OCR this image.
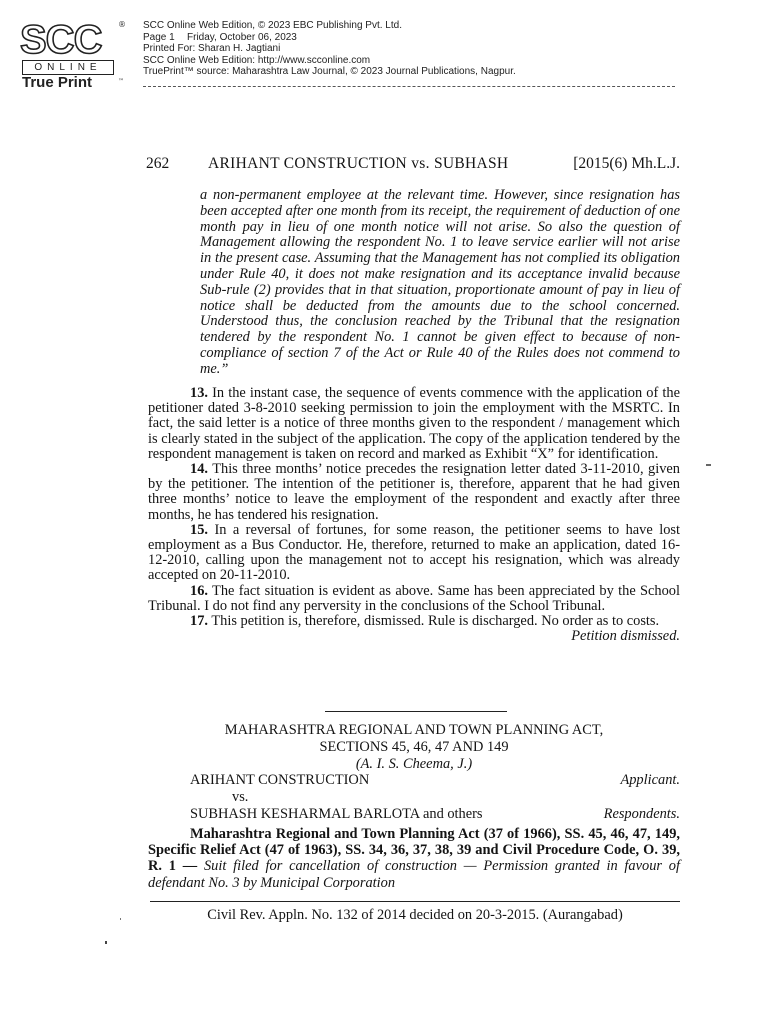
SCC ®
ONLINE
True Print	™
SCC Online Web Edition, © 2023 EBC Publishing Pvt. Ltd.
Page 1 Friday, October 06, 2023
Printed For: Sharan H. Jagtiani
SCC Online Web Edition: http://www.scconline.com
TruePrint™ source: Maharashtra Law Journal, © 2023 Journal Publications, Nagpur.
262	ARIHANT CONSTRUCTION vs. SUBHASH	[2015(6) Mh.L.J.
a non-permanent employee at the relevant time. However, since resignation has been accepted after one month from its receipt, the requirement of deduction of one month pay in lieu of one month notice will not arise. So also the question of Management allowing the respondent No. 1 to leave service earlier will not arise in the present case. Assuming that the Management has not complied its obligation under Rule 40, it does not make resignation and its acceptance invalid because Sub-rule (2) provides that in that situation, proportionate amount of pay in lieu of notice shall be deducted from the amounts due to the school concerned. Understood thus, the conclusion reached by the Tribunal that the resignation tendered by the respondent No. 1 cannot be given effect to because of non-compliance of section 7 of the Act or Rule 40 of the Rules does not commend to me.”

13. In the instant case, the sequence of events commence with the application of the petitioner dated 3-8-2010 seeking permission to join the employment with the MSRTC. In fact, the said letter is a notice of three months given to the respondent / management which is clearly stated in the subject of the application. The copy of the application tendered by the respondent management is taken on record and marked as Exhibit “X” for identification.

14. This three months’ notice precedes the resignation letter dated 3-11-2010, given by the petitioner. The intention of the petitioner is, therefore, apparent that he had given three months’ notice to leave the employment of the respondent and exactly after three months, he has tendered his resignation.

15. In a reversal of fortunes, for some reason, the petitioner seems to have lost employment as a Bus Conductor. He, therefore, returned to make an application, dated 16-12-2010, calling upon the management not to accept his resignation, which was already accepted on 20-11-2010.

16. The fact situation is evident as above. Same has been appreciated by the School Tribunal. I do not find any perversity in the conclusions of the School Tribunal.

17. This petition is, therefore, dismissed. Rule is discharged. No order as to costs.

Petition dismissed.
MAHARASHTRA REGIONAL AND TOWN PLANNING ACT,
SECTIONS 45, 46, 47 AND 149
(A. I. S. Cheema, J.)
ARIHANT CONSTRUCTION	Applicant.
vs.
SUBHASH KESHARMAL BARLOTA and others	Respondents.

Maharashtra Regional and Town Planning Act (37 of 1966), SS. 45, 46, 47, 149, Specific Relief Act (47 of 1963), SS. 34, 36, 37, 38, 39 and Civil Procedure Code, O. 39, R. 1 — Suit filed for cancellation of construction — Permission granted in favour of defendant No. 3 by Municipal Corporation

Civil Rev. Appln. No. 132 of 2014 decided on 20-3-2015. (Aurangabad)
